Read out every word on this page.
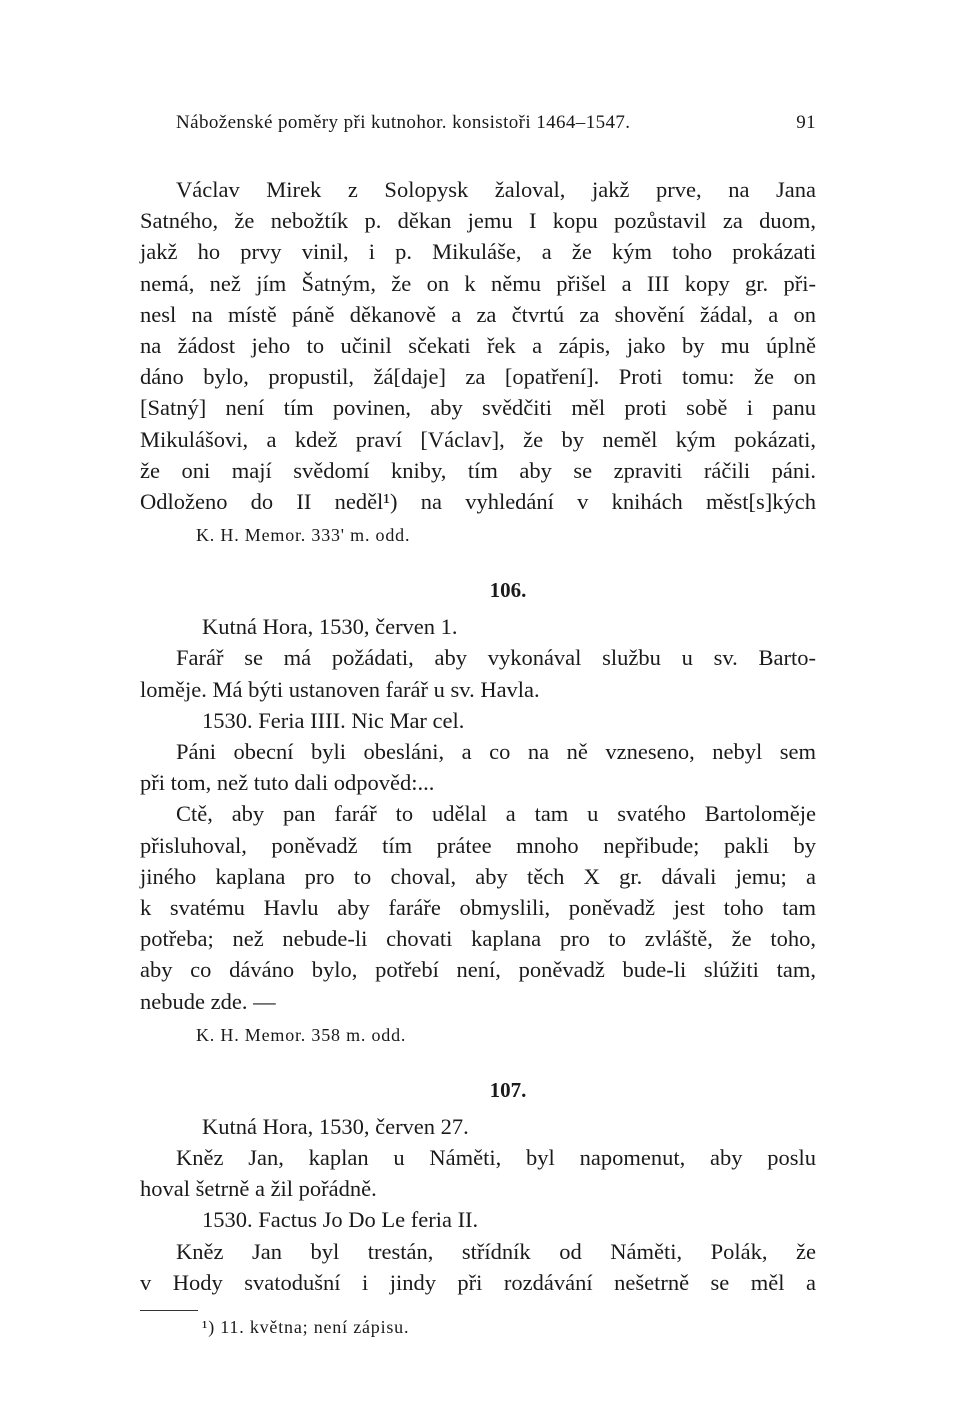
Náboženské poměry při kutnohor. konsistoři 1464–1547.	91

Václav Mirek z Solopysk žaloval, jakž prve, na Jana
Satného, že nebožtík p. děkan jemu I kopu pozůstavil za duom,
jakž ho prvy vinil, i p. Mikuláše, a že kým toho prokázati
nemá, než jím Šatným, že on k němu přišel a III kopy gr. při-
nesl na místě páně děkanově a za čtvrtú za shovění žádal, a on
na žádost jeho to učinil sčekati řek a zápis, jako by mu úplně
dáno bylo, propustil, žá[daje] za [opatření]. Proti tomu: že on
[Satný] není tím povinen, aby svědčiti měl proti sobě i panu
Mikulášovi, a kdež praví [Václav], že by neměl kým pokázati,
že oni mají svědomí kniby, tím aby se zpraviti ráčili páni.
Odloženo do II neděl¹) na vyhledání v knihách měst[s]kých

K. H. Memor. 333' m. odd.
106.

Kutná Hora, 1530, červen 1.

Farář se má požádati, aby vykonával službu u sv. Barto-
loměje. Má býti ustanoven farář u sv. Havla.

1530. Feria IIII. Nic Mar cel.

Páni obecní byli obesláni, a co na ně vzneseno, nebyl sem
při tom, než tuto dali odpověd:...

Ctě, aby pan farář to udělal a tam u svatého Bartoloměje
přisluhoval, poněvadž tím prátee mnoho nepřibude; pakli by
jiného kaplana pro to choval, aby těch X gr. dávali jemu; a
k svatému Havlu aby faráře obmyslili, poněvadž jest toho tam
potřeba; než nebude-li chovati kaplana pro to zvláště, že toho,
aby co dáváno bylo, potřebí není, poněvadž bude-li slúžiti tam,
nebude zde. —

K. H. Memor. 358 m. odd.
107.

Kutná Hora, 1530, červen 27.

Kněz Jan, kaplan u Náměti, byl napomenut, aby poslu
hoval šetrně a žil pořádně.

1530. Factus Jo Do Le feria II.

Kněz Jan byl trestán, střídník od Náměti, Polák, že
v Hody svatodušní i jindy při rozdávání nešetrně se měl a

¹) 11. května; není zápisu.
